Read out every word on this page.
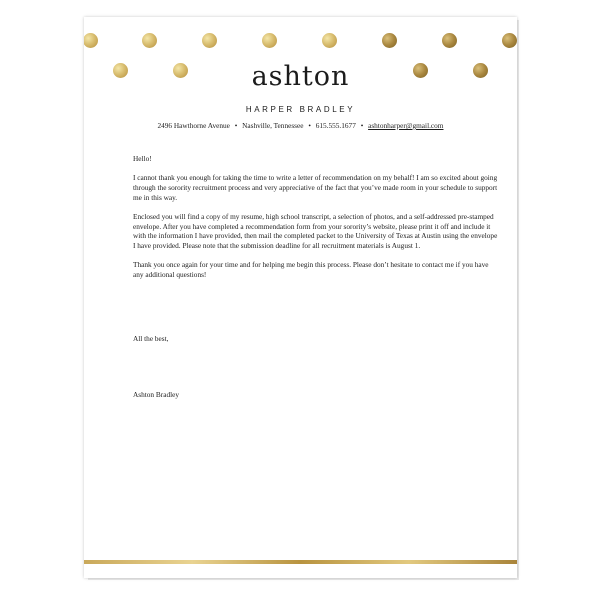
ashton
HARPER BRADLEY
2496 Hawthorne Avenue • Nashville, Tennessee • 615.555.1677 • ashtonharper@gmail.com

Hello!

I cannot thank you enough for taking the time to write a letter of recommendation on my behalf! I am so excited about going through the sorority recruitment process and very appreciative of the fact that you’ve made room in your schedule to support me in this way.

Enclosed you will find a copy of my resume, high school transcript, a selection of photos, and a self-addressed pre-stamped envelope. After you have completed a recommendation form from your sorority’s website, please print it off and include it with the information I have provided, then mail the completed packet to the University of Texas at Austin using the envelope I have provided. Please note that the submission deadline for all recruitment materials is August 1.

Thank you once again for your time and for helping me begin this process. Please don’t hesitate to contact me if you have any additional questions!

All the best,
Ashton Bradley
